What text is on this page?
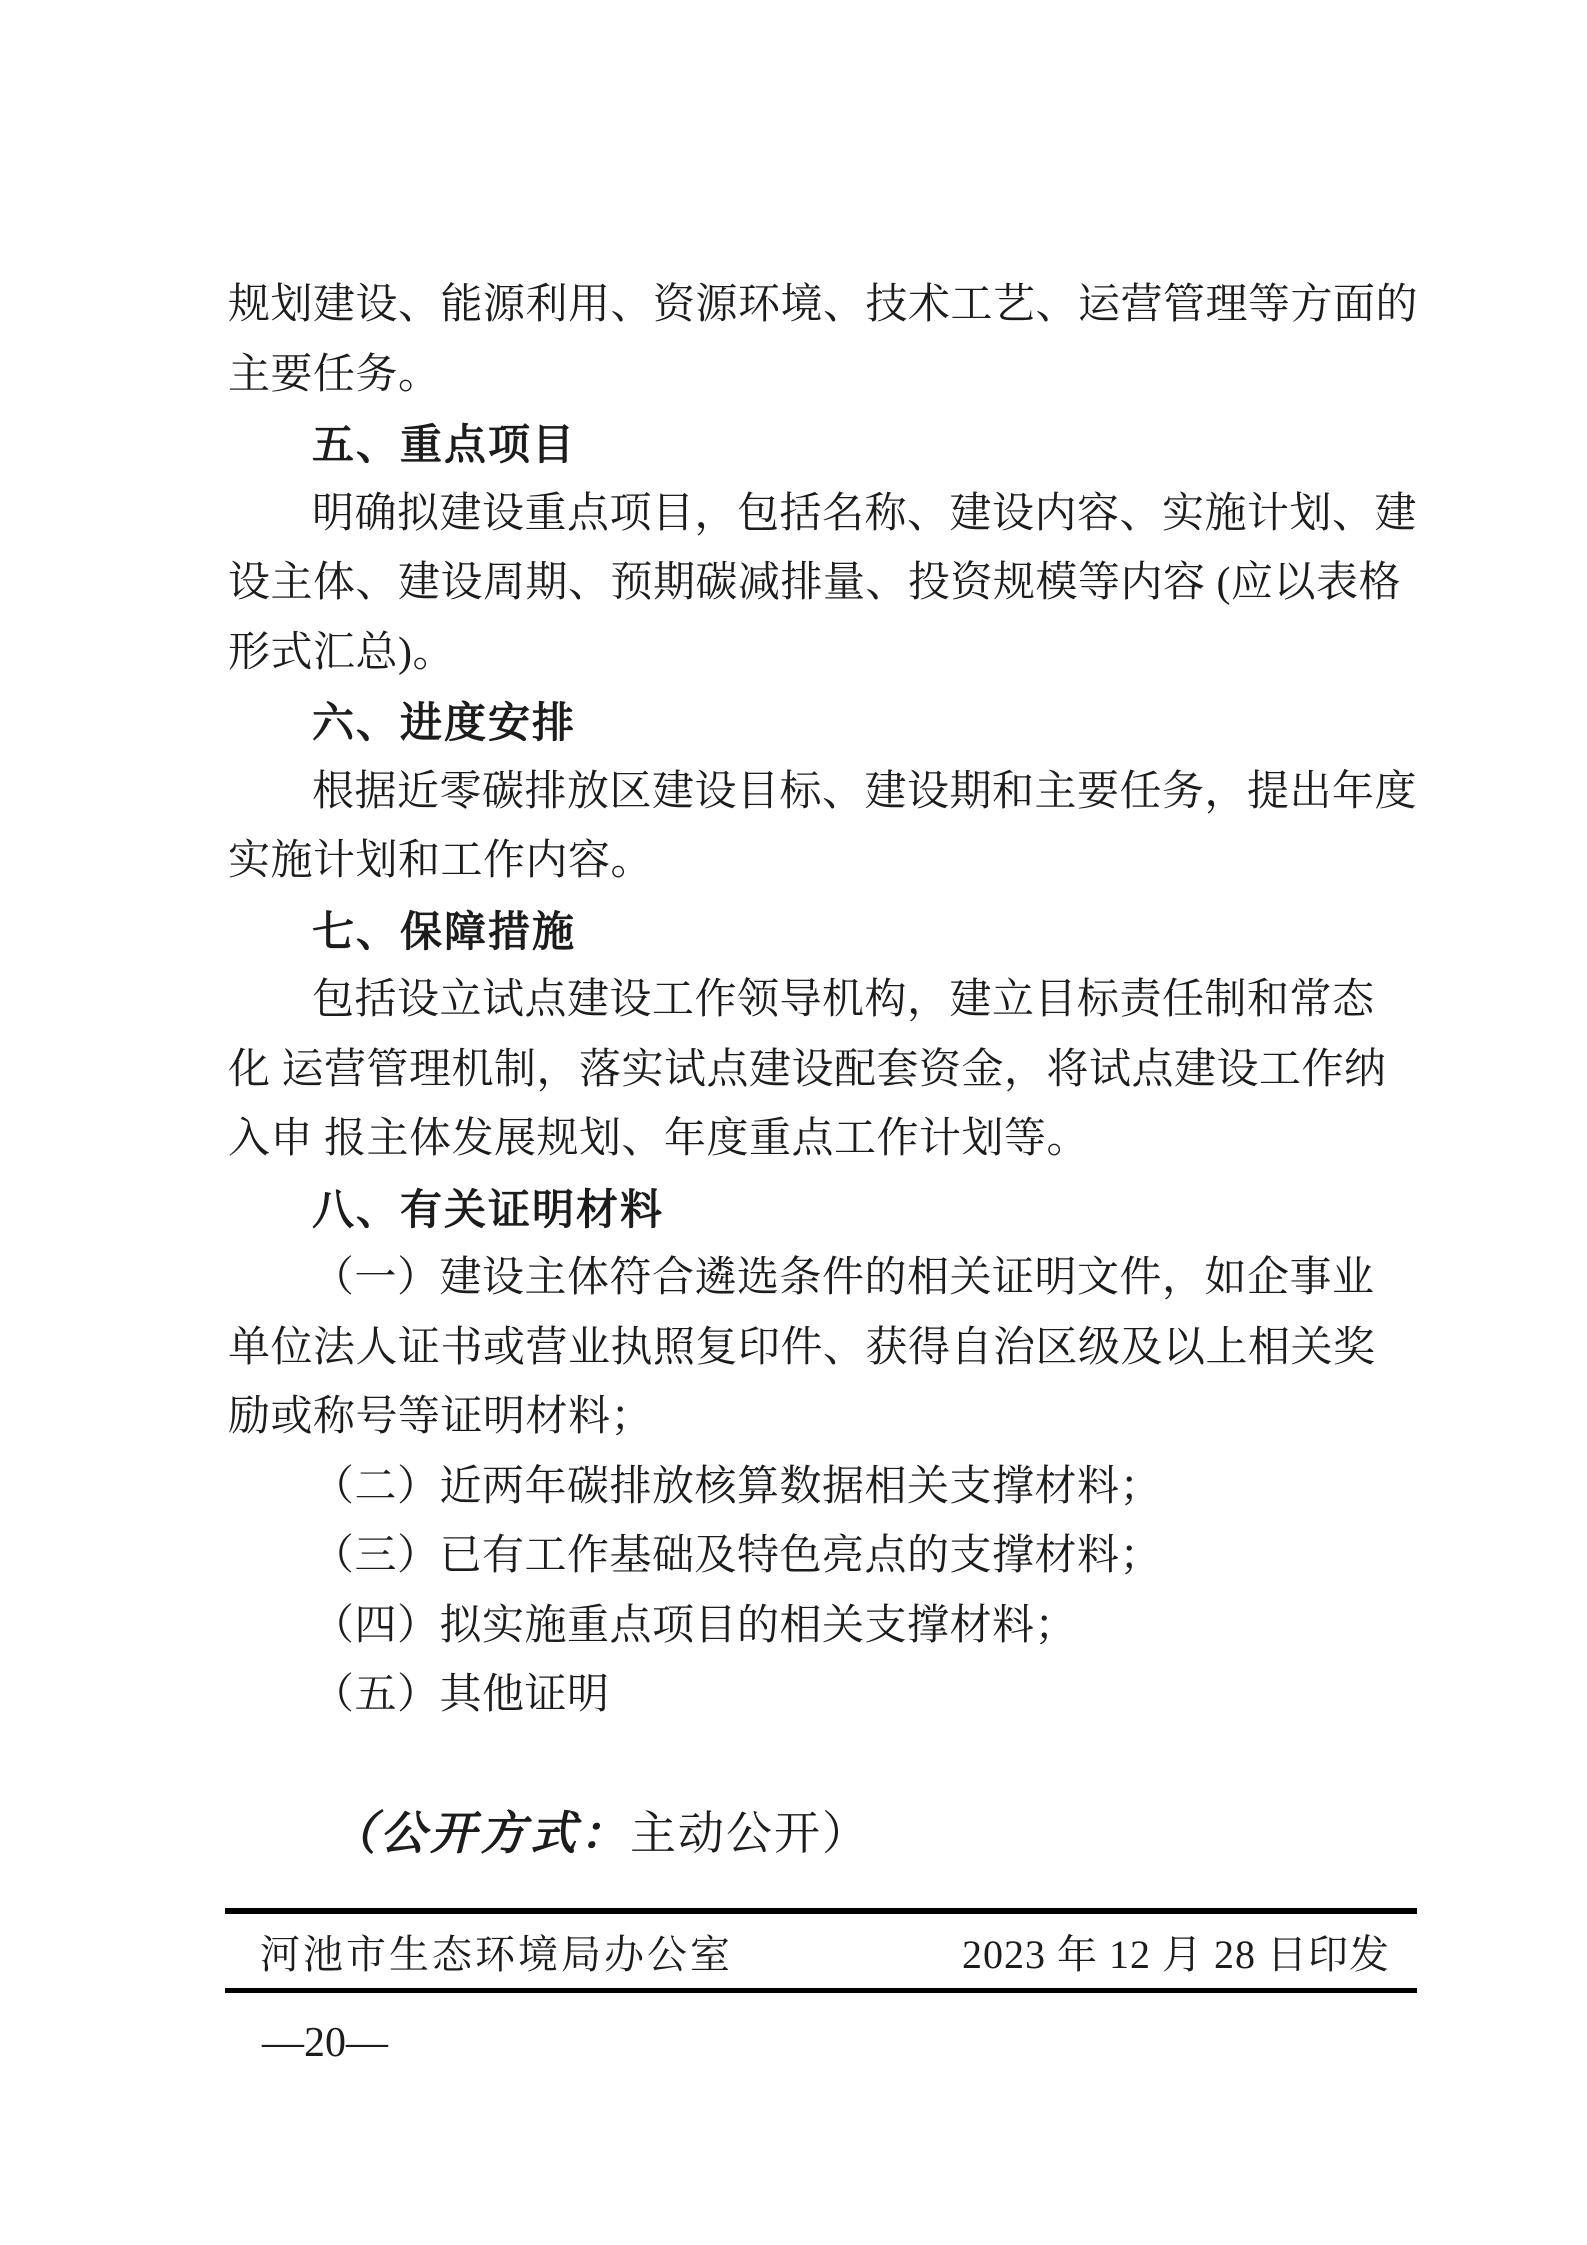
规划建设、能源利用、资源环境、技术工艺、运营管理等方面的
主要任务。
五、重点项目
明确拟建设重点项目，包括名称、建设内容、实施计划、建
设主体、建设周期、预期碳减排量、投资规模等内容 (应以表格
形式汇总)。
六、进度安排
根据近零碳排放区建设目标、建设期和主要任务，提出年度
实施计划和工作内容。
七、保障措施
包括设立试点建设工作领导机构，建立目标责任制和常态
化 运营管理机制，落实试点建设配套资金，将试点建设工作纳
入申 报主体发展规划、年度重点工作计划等。
八、有关证明材料
（一）建设主体符合遴选条件的相关证明文件，如企事业
单位法人证书或营业执照复印件、获得自治区级及以上相关奖
励或称号等证明材料；
（二）近两年碳排放核算数据相关支撑材料；
（三）已有工作基础及特色亮点的支撑材料；
（四）拟实施重点项目的相关支撑材料；
（五）其他证明
（公开方式：主动公开）
河池市生态环境局办公室	2023 年 12 月 28 日印发
—20—
